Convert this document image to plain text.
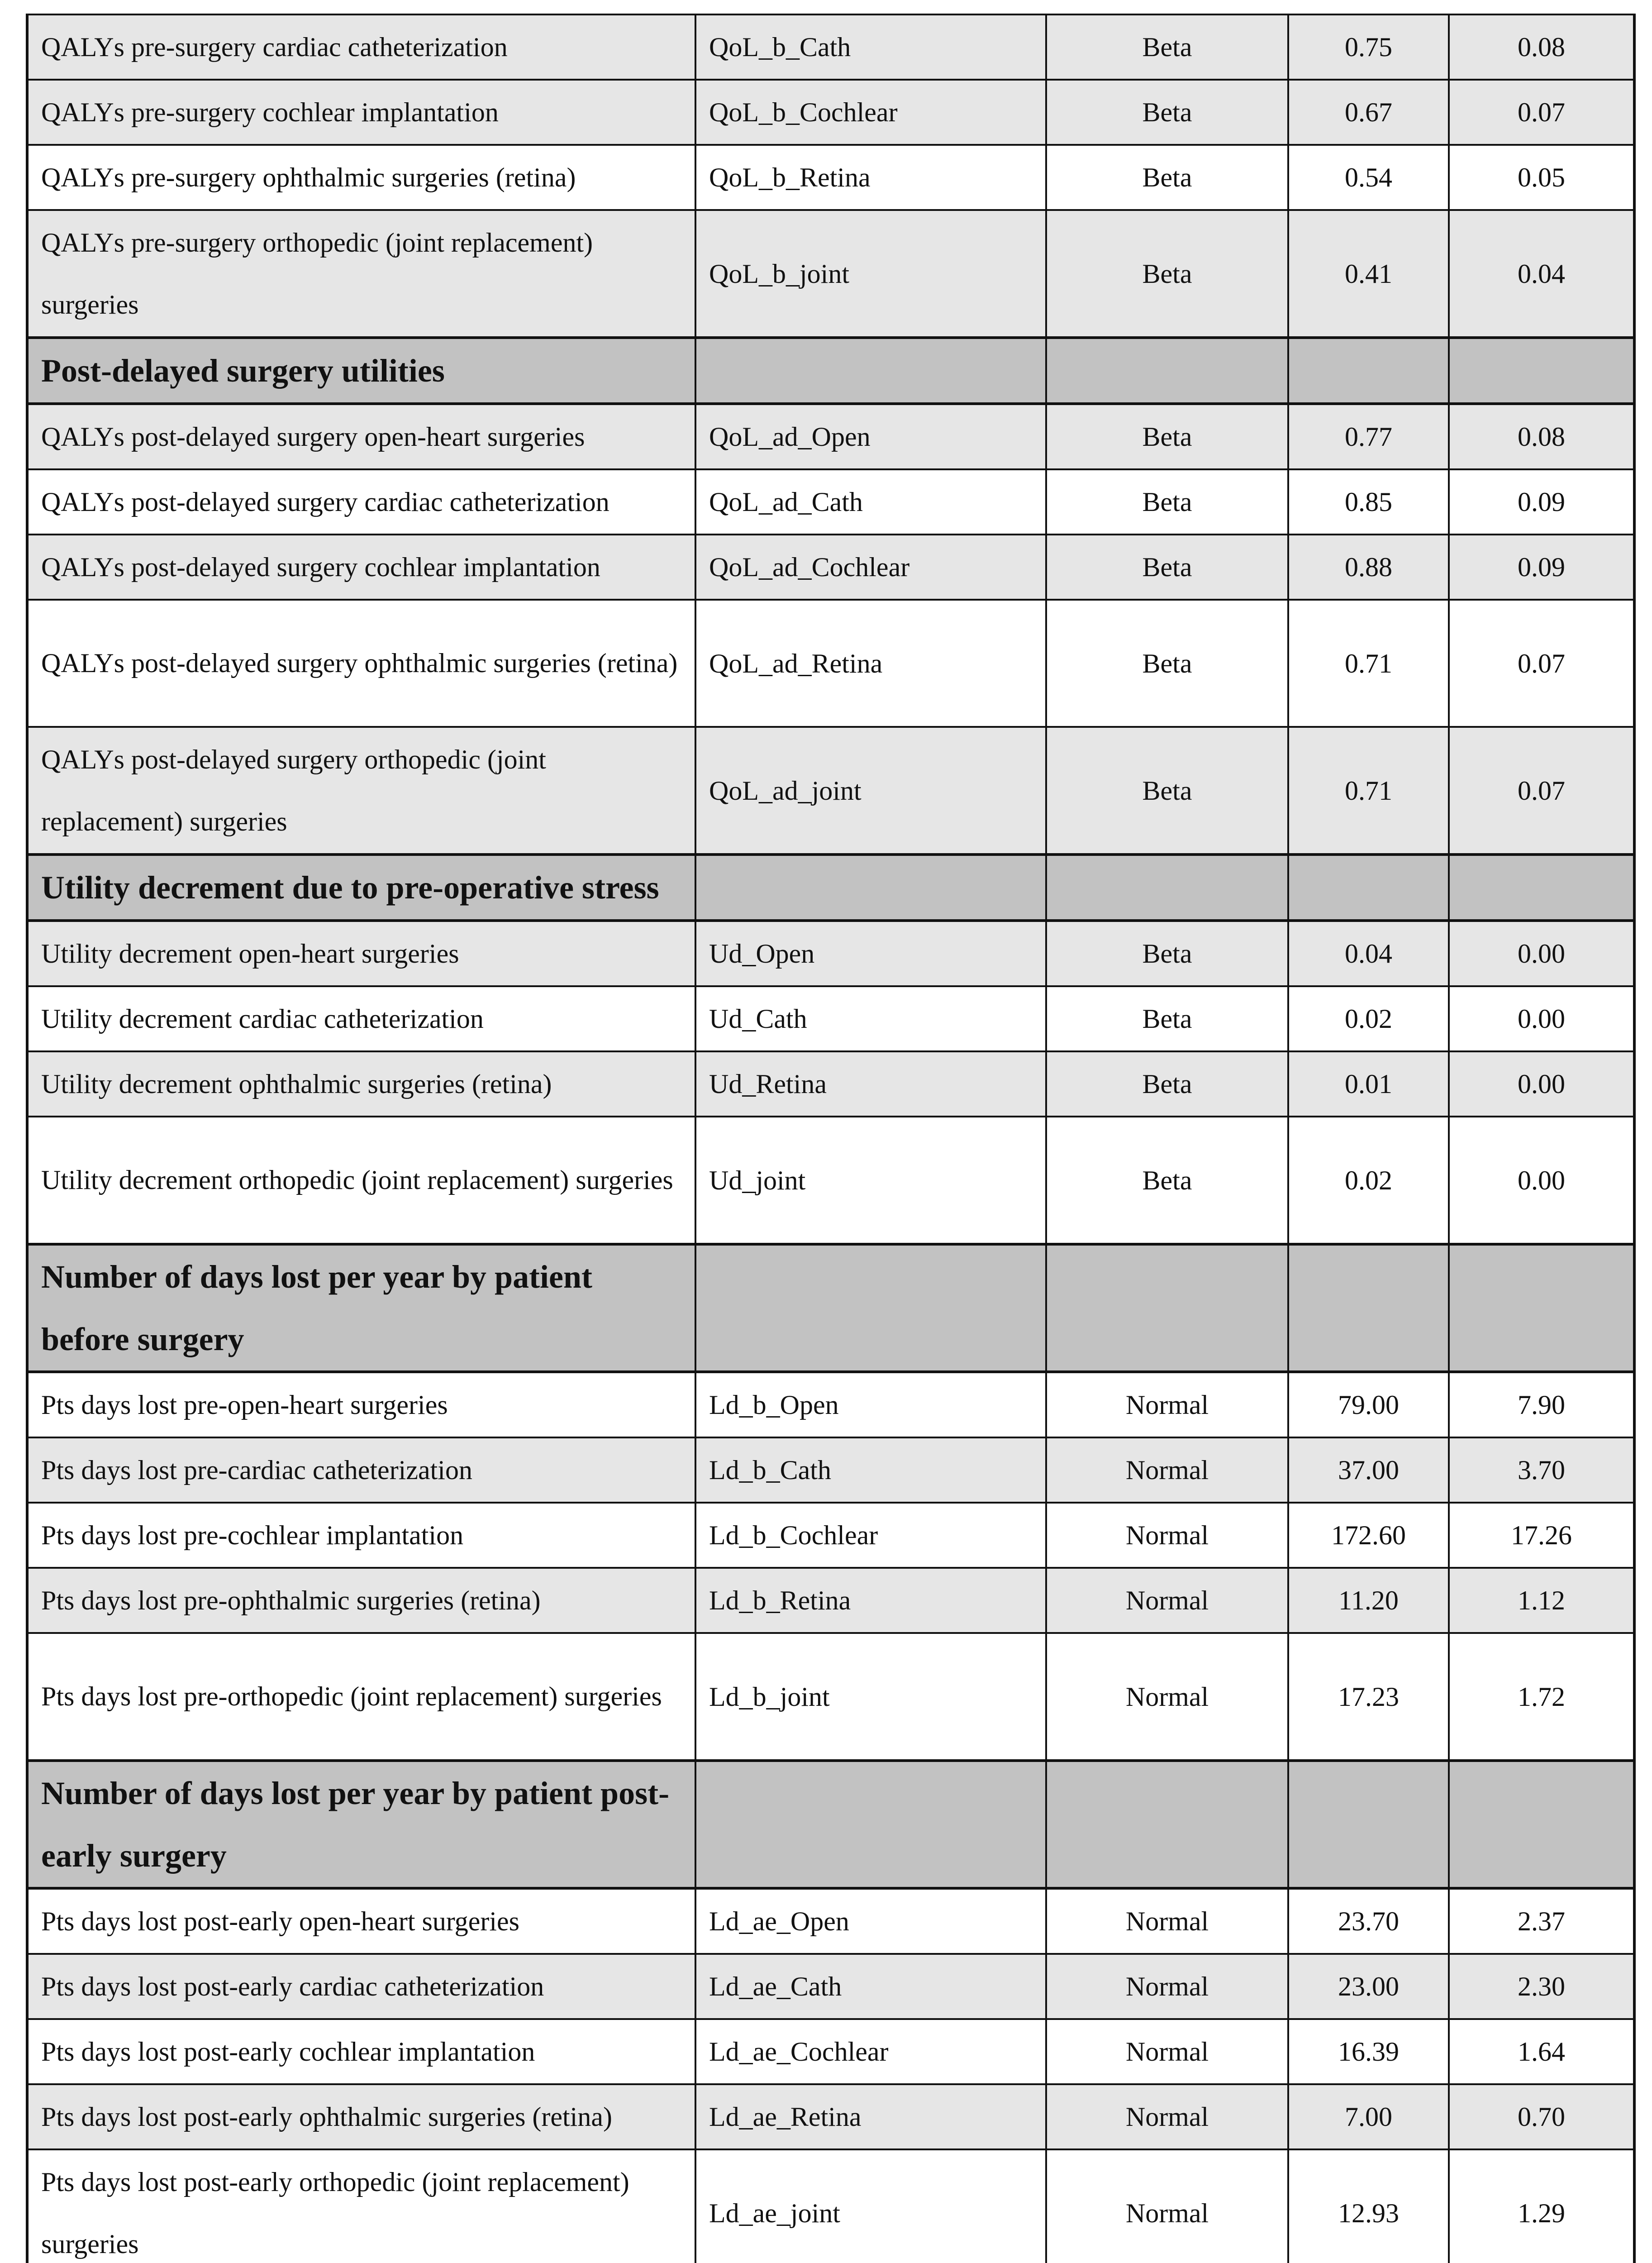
QALYs pre-surgery cardiac catheterization	QoL_b_Cath	Beta	0.75	0.08
QALYs pre-surgery cochlear implantation	QoL_b_Cochlear	Beta	0.67	0.07
QALYs pre-surgery ophthalmic surgeries (retina)	QoL_b_Retina	Beta	0.54	0.05
QALYs pre-surgery orthopedic (joint replacement) surgeries	QoL_b_joint	Beta	0.41	0.04
Post-delayed surgery utilities				
QALYs post-delayed surgery open-heart surgeries	QoL_ad_Open	Beta	0.77	0.08
QALYs post-delayed surgery cardiac catheterization	QoL_ad_Cath	Beta	0.85	0.09
QALYs post-delayed surgery cochlear implantation	QoL_ad_Cochlear	Beta	0.88	0.09
QALYs post-delayed surgery ophthalmic surgeries (retina)	QoL_ad_Retina	Beta	0.71	0.07
QALYs post-delayed surgery orthopedic (joint replacement) surgeries	QoL_ad_joint	Beta	0.71	0.07
Utility decrement due to pre-operative stress				
Utility decrement open-heart surgeries	Ud_Open	Beta	0.04	0.00
Utility decrement cardiac catheterization	Ud_Cath	Beta	0.02	0.00
Utility decrement ophthalmic surgeries (retina)	Ud_Retina	Beta	0.01	0.00
Utility decrement orthopedic (joint replacement) surgeries	Ud_joint	Beta	0.02	0.00
Number of days lost per year by patient before surgery				
Pts days lost pre-open-heart surgeries	Ld_b_Open	Normal	79.00	7.90
Pts days lost pre-cardiac catheterization	Ld_b_Cath	Normal	37.00	3.70
Pts days lost pre-cochlear implantation	Ld_b_Cochlear	Normal	172.60	17.26
Pts days lost pre-ophthalmic surgeries (retina)	Ld_b_Retina	Normal	11.20	1.12
Pts days lost pre-orthopedic (joint replacement) surgeries	Ld_b_joint	Normal	17.23	1.72
Number of days lost per year by patient post-early surgery				
Pts days lost post-early open-heart surgeries	Ld_ae_Open	Normal	23.70	2.37
Pts days lost post-early cardiac catheterization	Ld_ae_Cath	Normal	23.00	2.30
Pts days lost post-early cochlear implantation	Ld_ae_Cochlear	Normal	16.39	1.64
Pts days lost post-early ophthalmic surgeries (retina)	Ld_ae_Retina	Normal	7.00	0.70
Pts days lost post-early orthopedic (joint replacement) surgeries	Ld_ae_joint	Normal	12.93	1.29
